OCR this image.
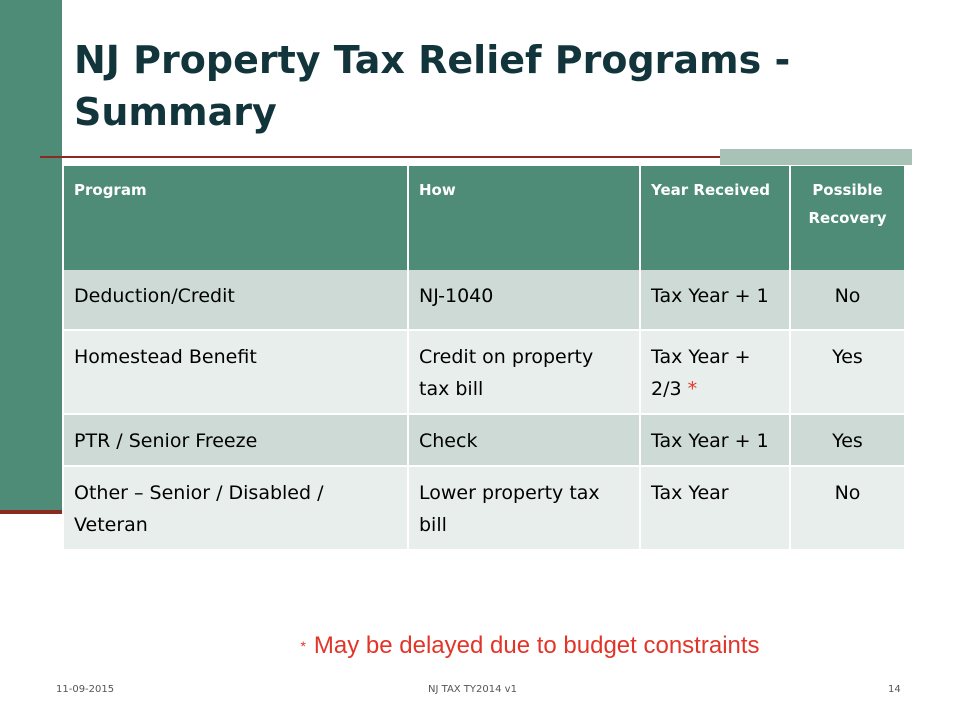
NJ Property Tax Relief Programs - Summary
Program	How	Year Received	Possible Recovery
Deduction/Credit	NJ-1040	Tax Year + 1	No
Homestead Benefit	Credit on property tax bill	Tax Year + 2/3 *	Yes
PTR / Senior Freeze	Check	Tax Year + 1	Yes
Other – Senior / Disabled / Veteran	Lower property tax bill	Tax Year	No
* May be delayed due to budget constraints
11-09-2015	NJ TAX TY2014 v1	14
